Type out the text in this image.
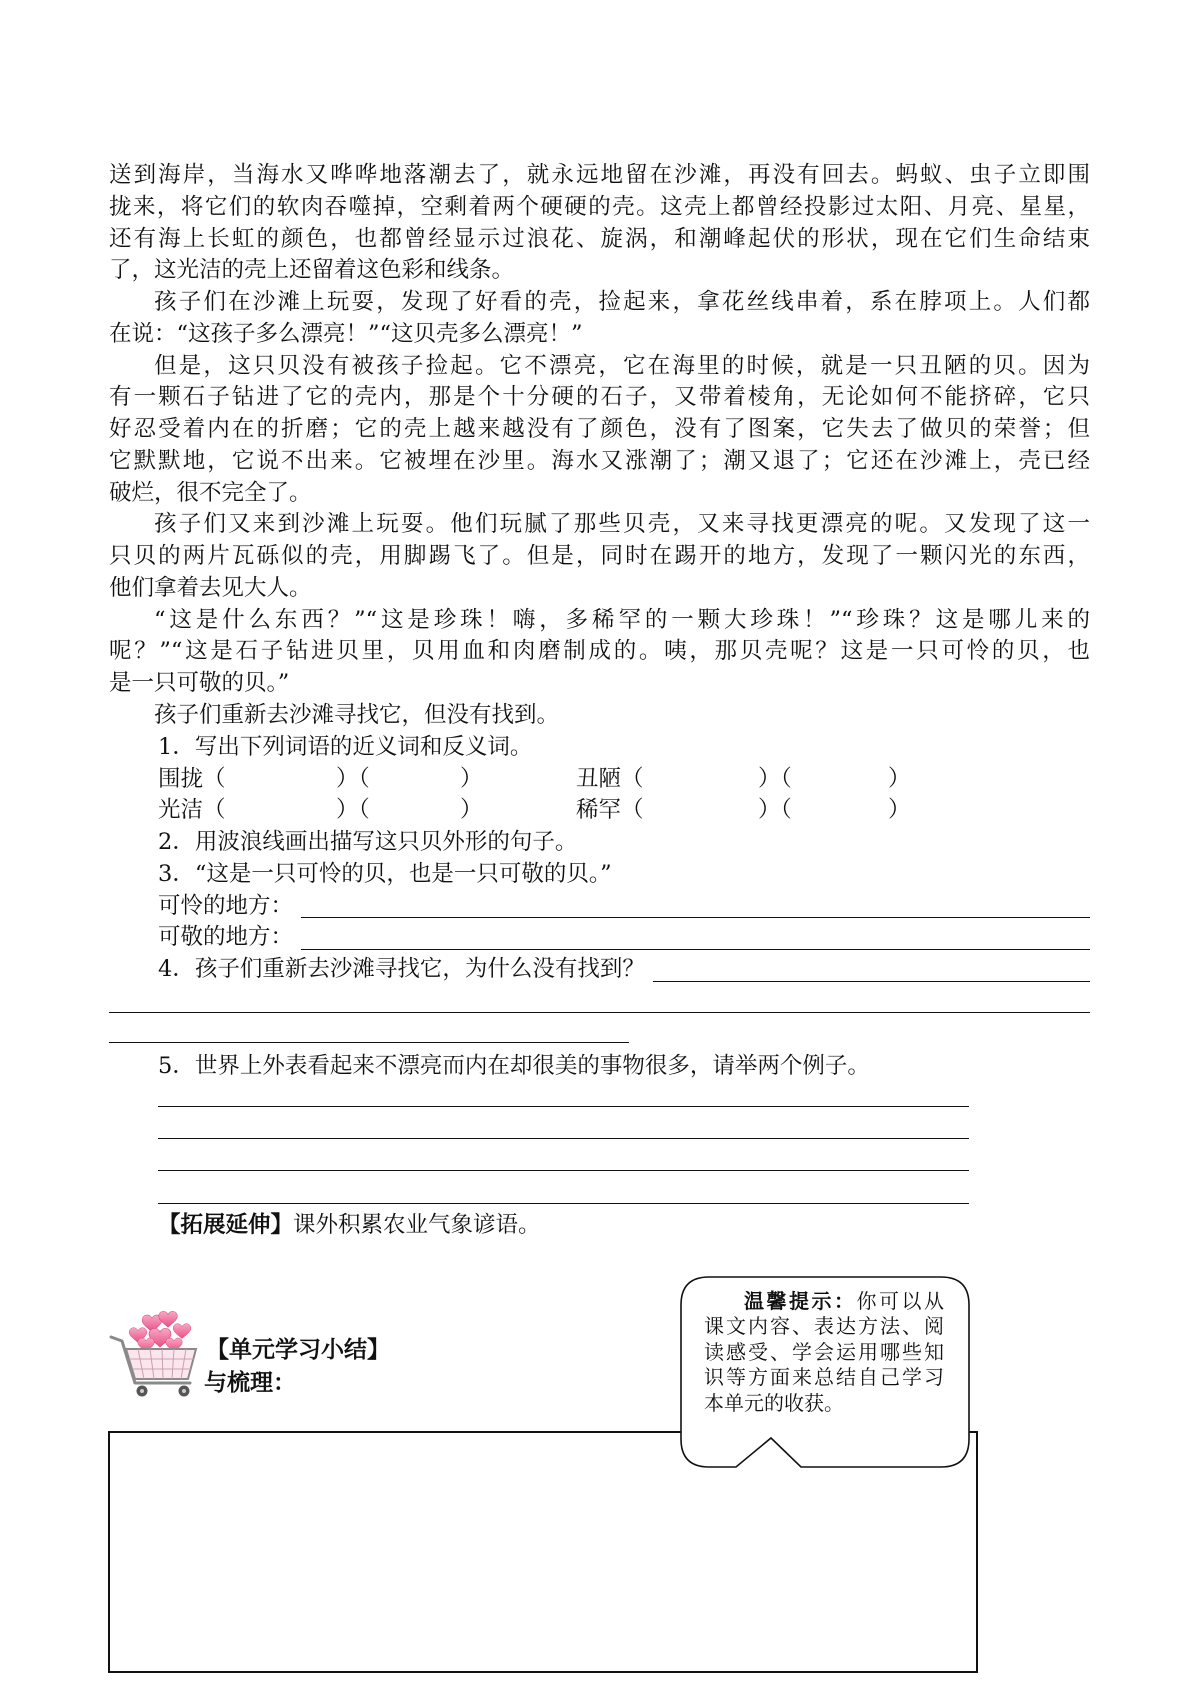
送到海岸，当海水又哗哗地落潮去了，就永远地留在沙滩，再没有回去。蚂蚁、虫子立即围
拢来，将它们的软肉吞噬掉，空剩着两个硬硬的壳。这壳上都曾经投影过太阳、月亮、星星，
还有海上长虹的颜色，也都曾经显示过浪花、旋涡，和潮峰起伏的形状，现在它们生命结束
了，这光洁的壳上还留着这色彩和线条。
孩子们在沙滩上玩耍，发现了好看的壳，捡起来，拿花丝线串着，系在脖项上。人们都
在说：“这孩子多么漂亮！”“这贝壳多么漂亮！”
但是，这只贝没有被孩子捡起。它不漂亮，它在海里的时候，就是一只丑陋的贝。因为
有一颗石子钻进了它的壳内，那是个十分硬的石子，又带着棱角，无论如何不能挤碎，它只
好忍受着内在的折磨；它的壳上越来越没有了颜色，没有了图案，它失去了做贝的荣誉；但
它默默地，它说不出来。它被埋在沙里。海水又涨潮了；潮又退了；它还在沙滩上，壳已经
破烂，很不完全了。
孩子们又来到沙滩上玩耍。他们玩腻了那些贝壳，又来寻找更漂亮的呢。又发现了这一
只贝的两片瓦砾似的壳，用脚踢飞了。但是，同时在踢开的地方，发现了一颗闪光的东西，
他们拿着去见大人。
“这是什么东西？”“这是珍珠！嗨，多稀罕的一颗大珍珠！”“珍珠？这是哪儿来的
呢？”“这是石子钻进贝里，贝用血和肉磨制成的。咦，那贝壳呢？这是一只可怜的贝，也
是一只可敬的贝。”
孩子们重新去沙滩寻找它，但没有找到。
1．写出下列词语的近义词和反义词。
围拢（	）（	）	丑陋（	）（	）
光洁（	）（	）	稀罕（	）（	）
2．用波浪线画出描写这只贝外形的句子。
3．“这是一只可怜的贝，也是一只可敬的贝。”
可怜的地方：
可敬的地方：
4．孩子们重新去沙滩寻找它，为什么没有找到？
5．世界上外表看起来不漂亮而内在却很美的事物很多，请举两个例子。
【拓展延伸】课外积累农业气象谚语。
【单元学习小结】
与梳理：
温馨提示：你可以从
课文内容、表达方法、阅
读感受、学会运用哪些知
识等方面来总结自己学习
本单元的收获。
